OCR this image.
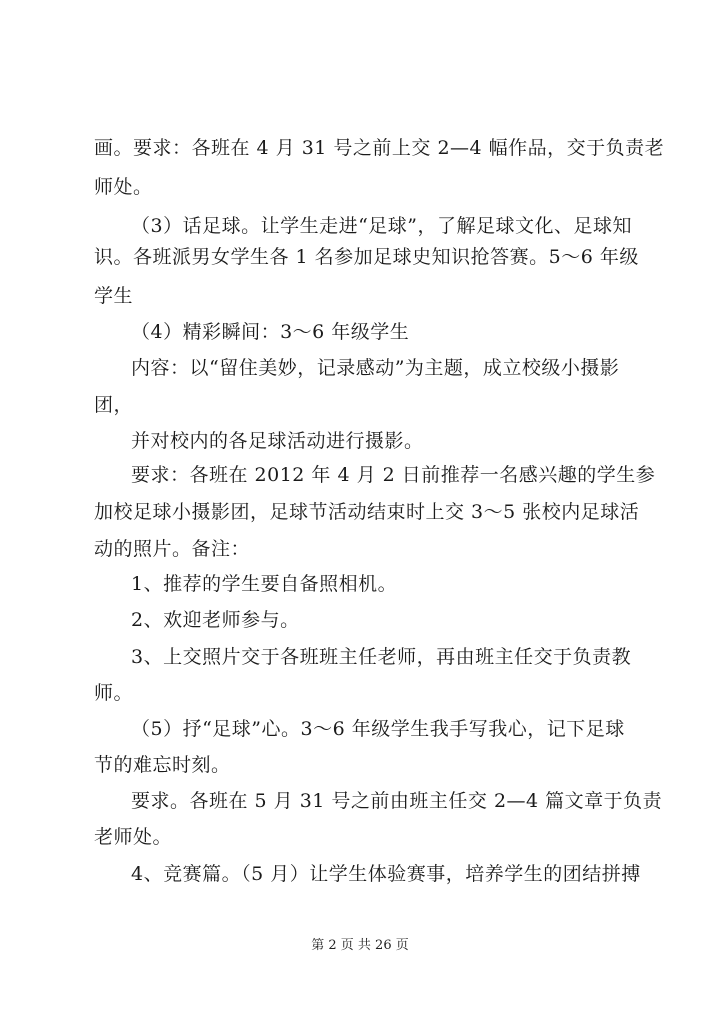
画。要求：各班在 4 月 31 号之前上交 2—4 幅作品，交于负责老
师处。
（3）话足球。让学生走进“足球”，了解足球文化、足球知
识。各班派男女学生各 1 名参加足球史知识抢答赛。5～6 年级
学生
（4）精彩瞬间：3～6 年级学生
内容：以“留住美妙，记录感动”为主题，成立校级小摄影
团，
并对校内的各足球活动进行摄影。
要求：各班在 2012 年 4 月 2 日前推荐一名感兴趣的学生参
加校足球小摄影团，足球节活动结束时上交 3～5 张校内足球活
动的照片。备注：
1、推荐的学生要自备照相机。
2、欢迎老师参与。
3、上交照片交于各班班主任老师，再由班主任交于负责教
师。
（5）抒“足球”心。3～6 年级学生我手写我心，记下足球
节的难忘时刻。
要求。各班在 5 月 31 号之前由班主任交 2—4 篇文章于负责
老师处。
4、竞赛篇。（5 月）让学生体验赛事，培养学生的团结拼搏
第 2 页 共 26 页
